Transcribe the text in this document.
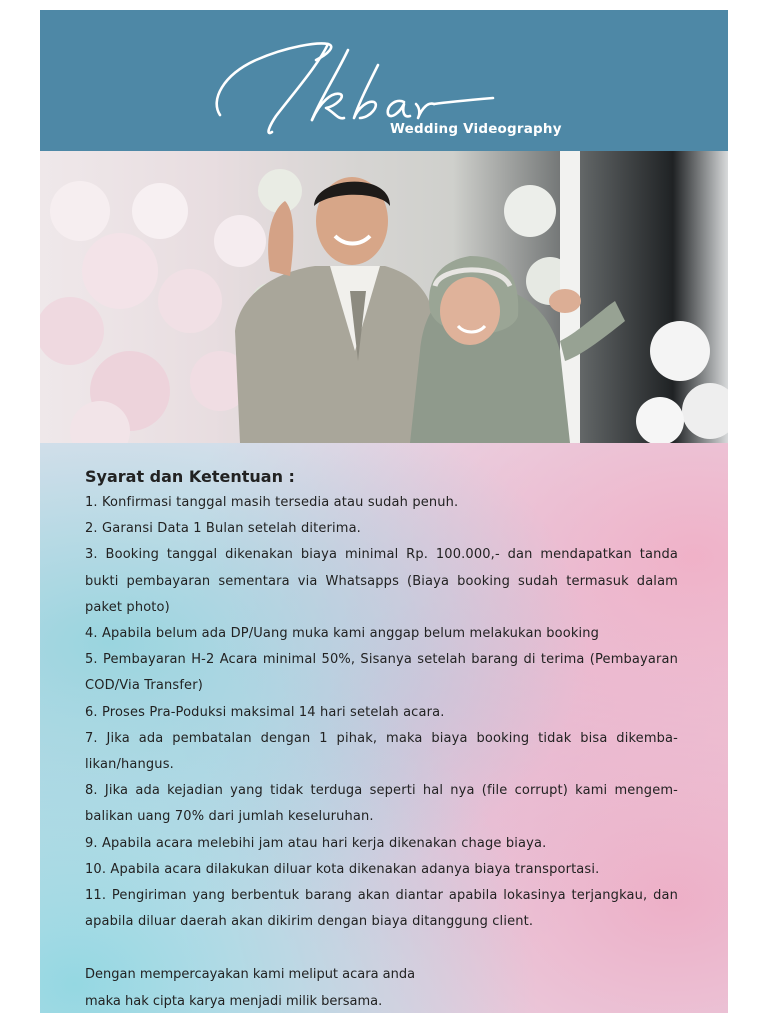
Wedding Videography
Syarat dan Ketentuan :
1. Konfirmasi tanggal masih tersedia atau sudah penuh.
2. Garansi Data 1 Bulan setelah diterima.
3. Booking tanggal dikenakan biaya minimal Rp. 100.000,- dan mendapatkan tanda bukti pembayaran sementara via Whatsapps (Biaya booking sudah termasuk dalam paket photo)
4. Apabila belum ada DP/Uang muka kami anggap belum melakukan booking
5. Pembayaran H-2 Acara minimal 50%, Sisanya setelah barang di terima (Pembayaran COD/Via Transfer)
6. Proses Pra-Poduksi maksimal 14 hari setelah acara.
7. Jika ada pembatalan dengan 1 pihak, maka biaya booking tidak bisa dikemba-likan/hangus.
8. Jika ada kejadian yang tidak terduga seperti hal nya (file corrupt) kami mengem-balikan uang 70% dari jumlah keseluruhan.
9. Apabila acara melebihi jam atau hari kerja dikenakan chage biaya.
10. Apabila acara dilakukan diluar kota dikenakan adanya biaya transportasi.
11. Pengiriman yang berbentuk barang akan diantar apabila lokasinya terjangkau, dan apabila diluar daerah akan dikirim dengan biaya ditanggung client.

Dengan mempercayakan kami meliput acara anda
maka hak cipta karya menjadi milik bersama.
